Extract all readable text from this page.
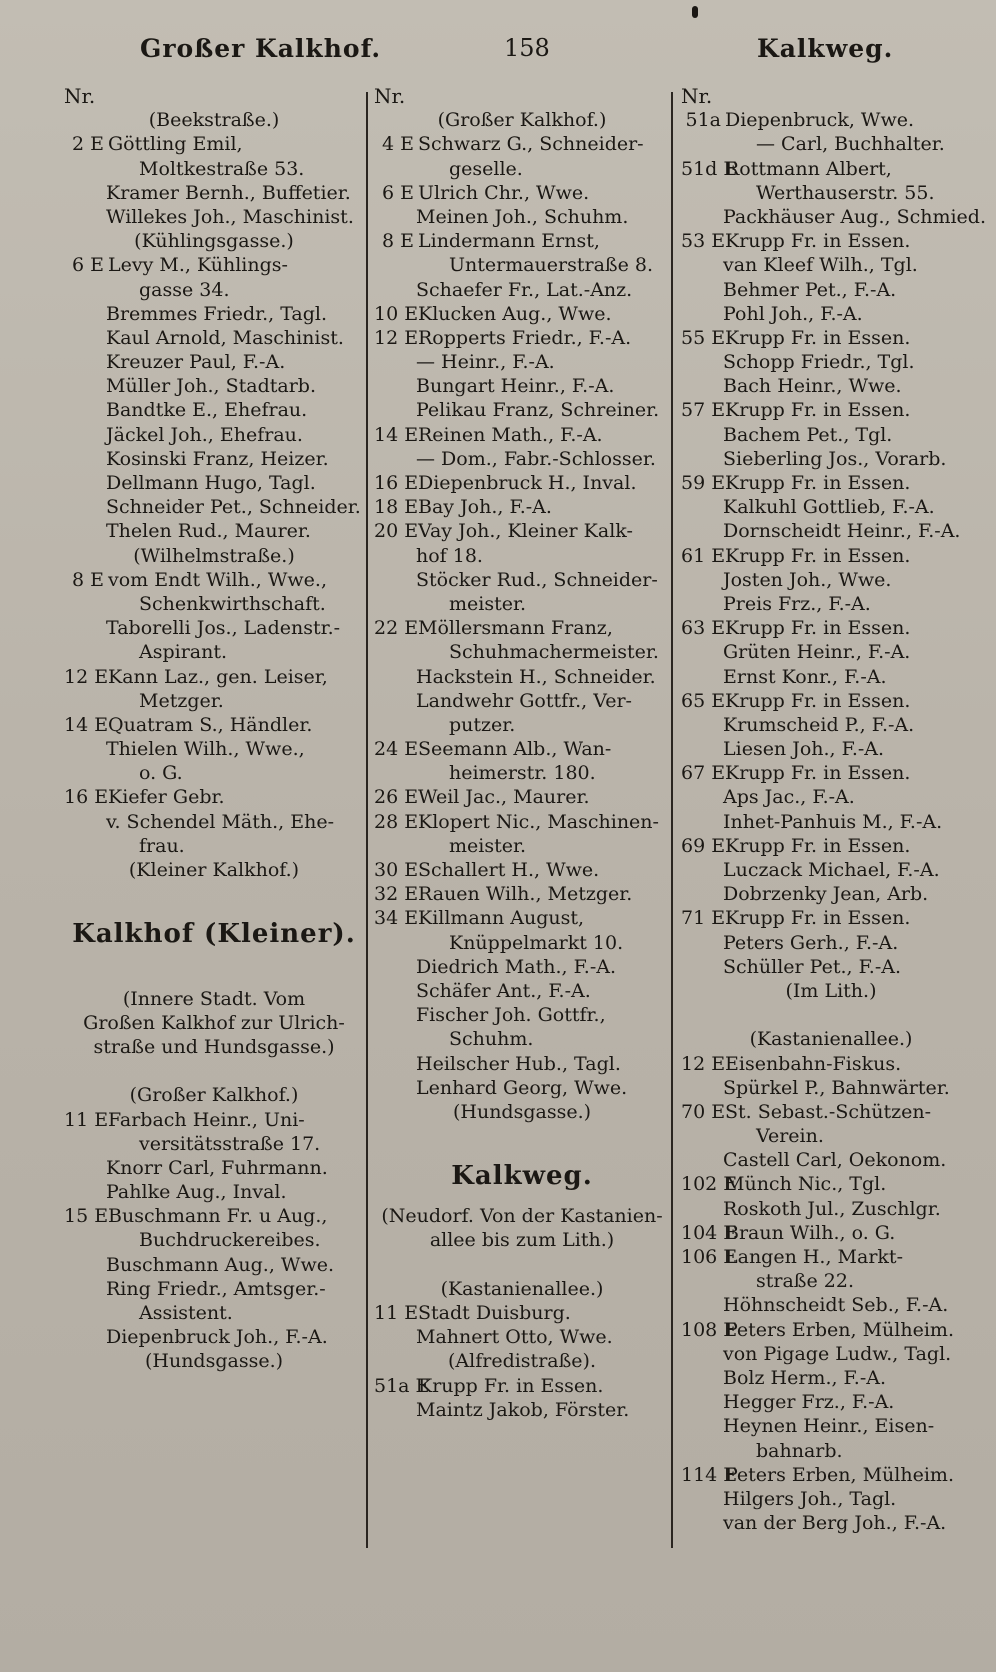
Großer Kalkhof.	158	Kalkweg.
Nr.
(Beekstraße.)
2 E Göttling Emil,
Moltkestraße 53.
Kramer Bernh., Buffetier.
Willekes Joh., Maschinist.
(Kühlingsgasse.)
6 E Levy M., Kühlings-
gasse 34.
Bremmes Friedr., Tagl.
Kaul Arnold, Maschinist.
Kreuzer Paul, F.-A.
Müller Joh., Stadtarb.
Bandtke E., Ehefrau.
Jäckel Joh., Ehefrau.
Kosinski Franz, Heizer.
Dellmann Hugo, Tagl.
Schneider Pet., Schneider.
Thelen Rud., Maurer.
(Wilhelmstraße.)
8 E vom Endt Wilh., Wwe.,
Schenkwirthschaft.
Taborelli Jos., Ladenstr.-
Aspirant.
12 EKann Laz., gen. Leiser,
Metzger.
14 EQuatram S., Händler.
Thielen Wilh., Wwe.,
o. G.
16 EKiefer Gebr.
v. Schendel Mäth., Ehe-
frau.
(Kleiner Kalkhof.)
Kalkhof (Kleiner).
(Innere Stadt. Vom
Großen Kalkhof zur Ulrich-
straße und Hundsgasse.)
(Großer Kalkhof.)
11 EFarbach Heinr., Uni-
versitätsstraße 17.
Knorr Carl, Fuhrmann.
Pahlke Aug., Inval.
15 EBuschmann Fr. u Aug.,
Buchdruckereibes.
Buschmann Aug., Wwe.
Ring Friedr., Amtsger.-
Assistent.
Diepenbruck Joh., F.-A.
(Hundsgasse.)
Nr.
(Großer Kalkhof.)
4 E Schwarz G., Schneider-
geselle.
6 E Ulrich Chr., Wwe.
Meinen Joh., Schuhm.
8 E Lindermann Ernst,
Untermauerstraße 8.
Schaefer Fr., Lat.-Anz.
10 EKlucken Aug., Wwe.
12 ERopperts Friedr., F.-A.
— Heinr., F.-A.
Bungart Heinr., F.-A.
Pelikau Franz, Schreiner.
14 EReinen Math., F.-A.
— Dom., Fabr.-Schlosser.
16 EDiepenbruck H., Inval.
18 EBay Joh., F.-A.
20 EVay Joh., Kleiner Kalk-
hof 18.
Stöcker Rud., Schneider-
meister.
22 EMöllersmann Franz,
Schuhmachermeister.
Hackstein H., Schneider.
Landwehr Gottfr., Ver-
putzer.
24 ESeemann Alb., Wan-
heimerstr. 180.
26 EWeil Jac., Maurer.
28 EKlopert Nic., Maschinen-
meister.
30 ESchallert H., Wwe.
32 ERauen Wilh., Metzger.
34 EKillmann August,
Knüppelmarkt 10.
Diedrich Math., F.-A.
Schäfer Ant., F.-A.
Fischer Joh. Gottfr.,
Schuhm.
Heilscher Hub., Tagl.
Lenhard Georg, Wwe.
(Hundsgasse.)
Kalkweg.
(Neudorf. Von der Kastanien-
allee bis zum Lith.)
(Kastanienallee.)
11 EStadt Duisburg.
Mahnert Otto, Wwe.
(Alfredistraße).
51a EKrupp Fr. in Essen.
Maintz Jakob, Förster.
Nr.
51a Diepenbruck, Wwe.
— Carl, Buchhalter.
51d ERottmann Albert,
Werthauserstr. 55.
Packhäuser Aug., Schmied.
53 EKrupp Fr. in Essen.
van Kleef Wilh., Tgl.
Behmer Pet., F.-A.
Pohl Joh., F.-A.
55 EKrupp Fr. in Essen.
Schopp Friedr., Tgl.
Bach Heinr., Wwe.
57 EKrupp Fr. in Essen.
Bachem Pet., Tgl.
Sieberling Jos., Vorarb.
59 EKrupp Fr. in Essen.
Kalkuhl Gottlieb, F.-A.
Dornscheidt Heinr., F.-A.
61 EKrupp Fr. in Essen.
Josten Joh., Wwe.
Preis Frz., F.-A.
63 EKrupp Fr. in Essen.
Grüten Heinr., F.-A.
Ernst Konr., F.-A.
65 EKrupp Fr. in Essen.
Krumscheid P., F.-A.
Liesen Joh., F.-A.
67 EKrupp Fr. in Essen.
Aps Jac., F.-A.
Inhet-Panhuis M., F.-A.
69 EKrupp Fr. in Essen.
Luczack Michael, F.-A.
Dobrzenky Jean, Arb.
71 EKrupp Fr. in Essen.
Peters Gerh., F.-A.
Schüller Pet., F.-A.
(Im Lith.)
(Kastanienallee.)
12 EEisenbahn-Fiskus.
Spürkel P., Bahnwärter.
70 ESt. Sebast.-Schützen-
Verein.
Castell Carl, Oekonom.
102 EMünch Nic., Tgl.
Roskoth Jul., Zuschlgr.
104 EBraun Wilh., o. G.
106 ELangen H., Markt-
straße 22.
Höhnscheidt Seb., F.-A.
108 EPeters Erben, Mülheim.
von Pigage Ludw., Tagl.
Bolz Herm., F.-A.
Hegger Frz., F.-A.
Heynen Heinr., Eisen-
bahnarb.
114 EPeters Erben, Mülheim.
Hilgers Joh., Tagl.
van der Berg Joh., F.-A.
